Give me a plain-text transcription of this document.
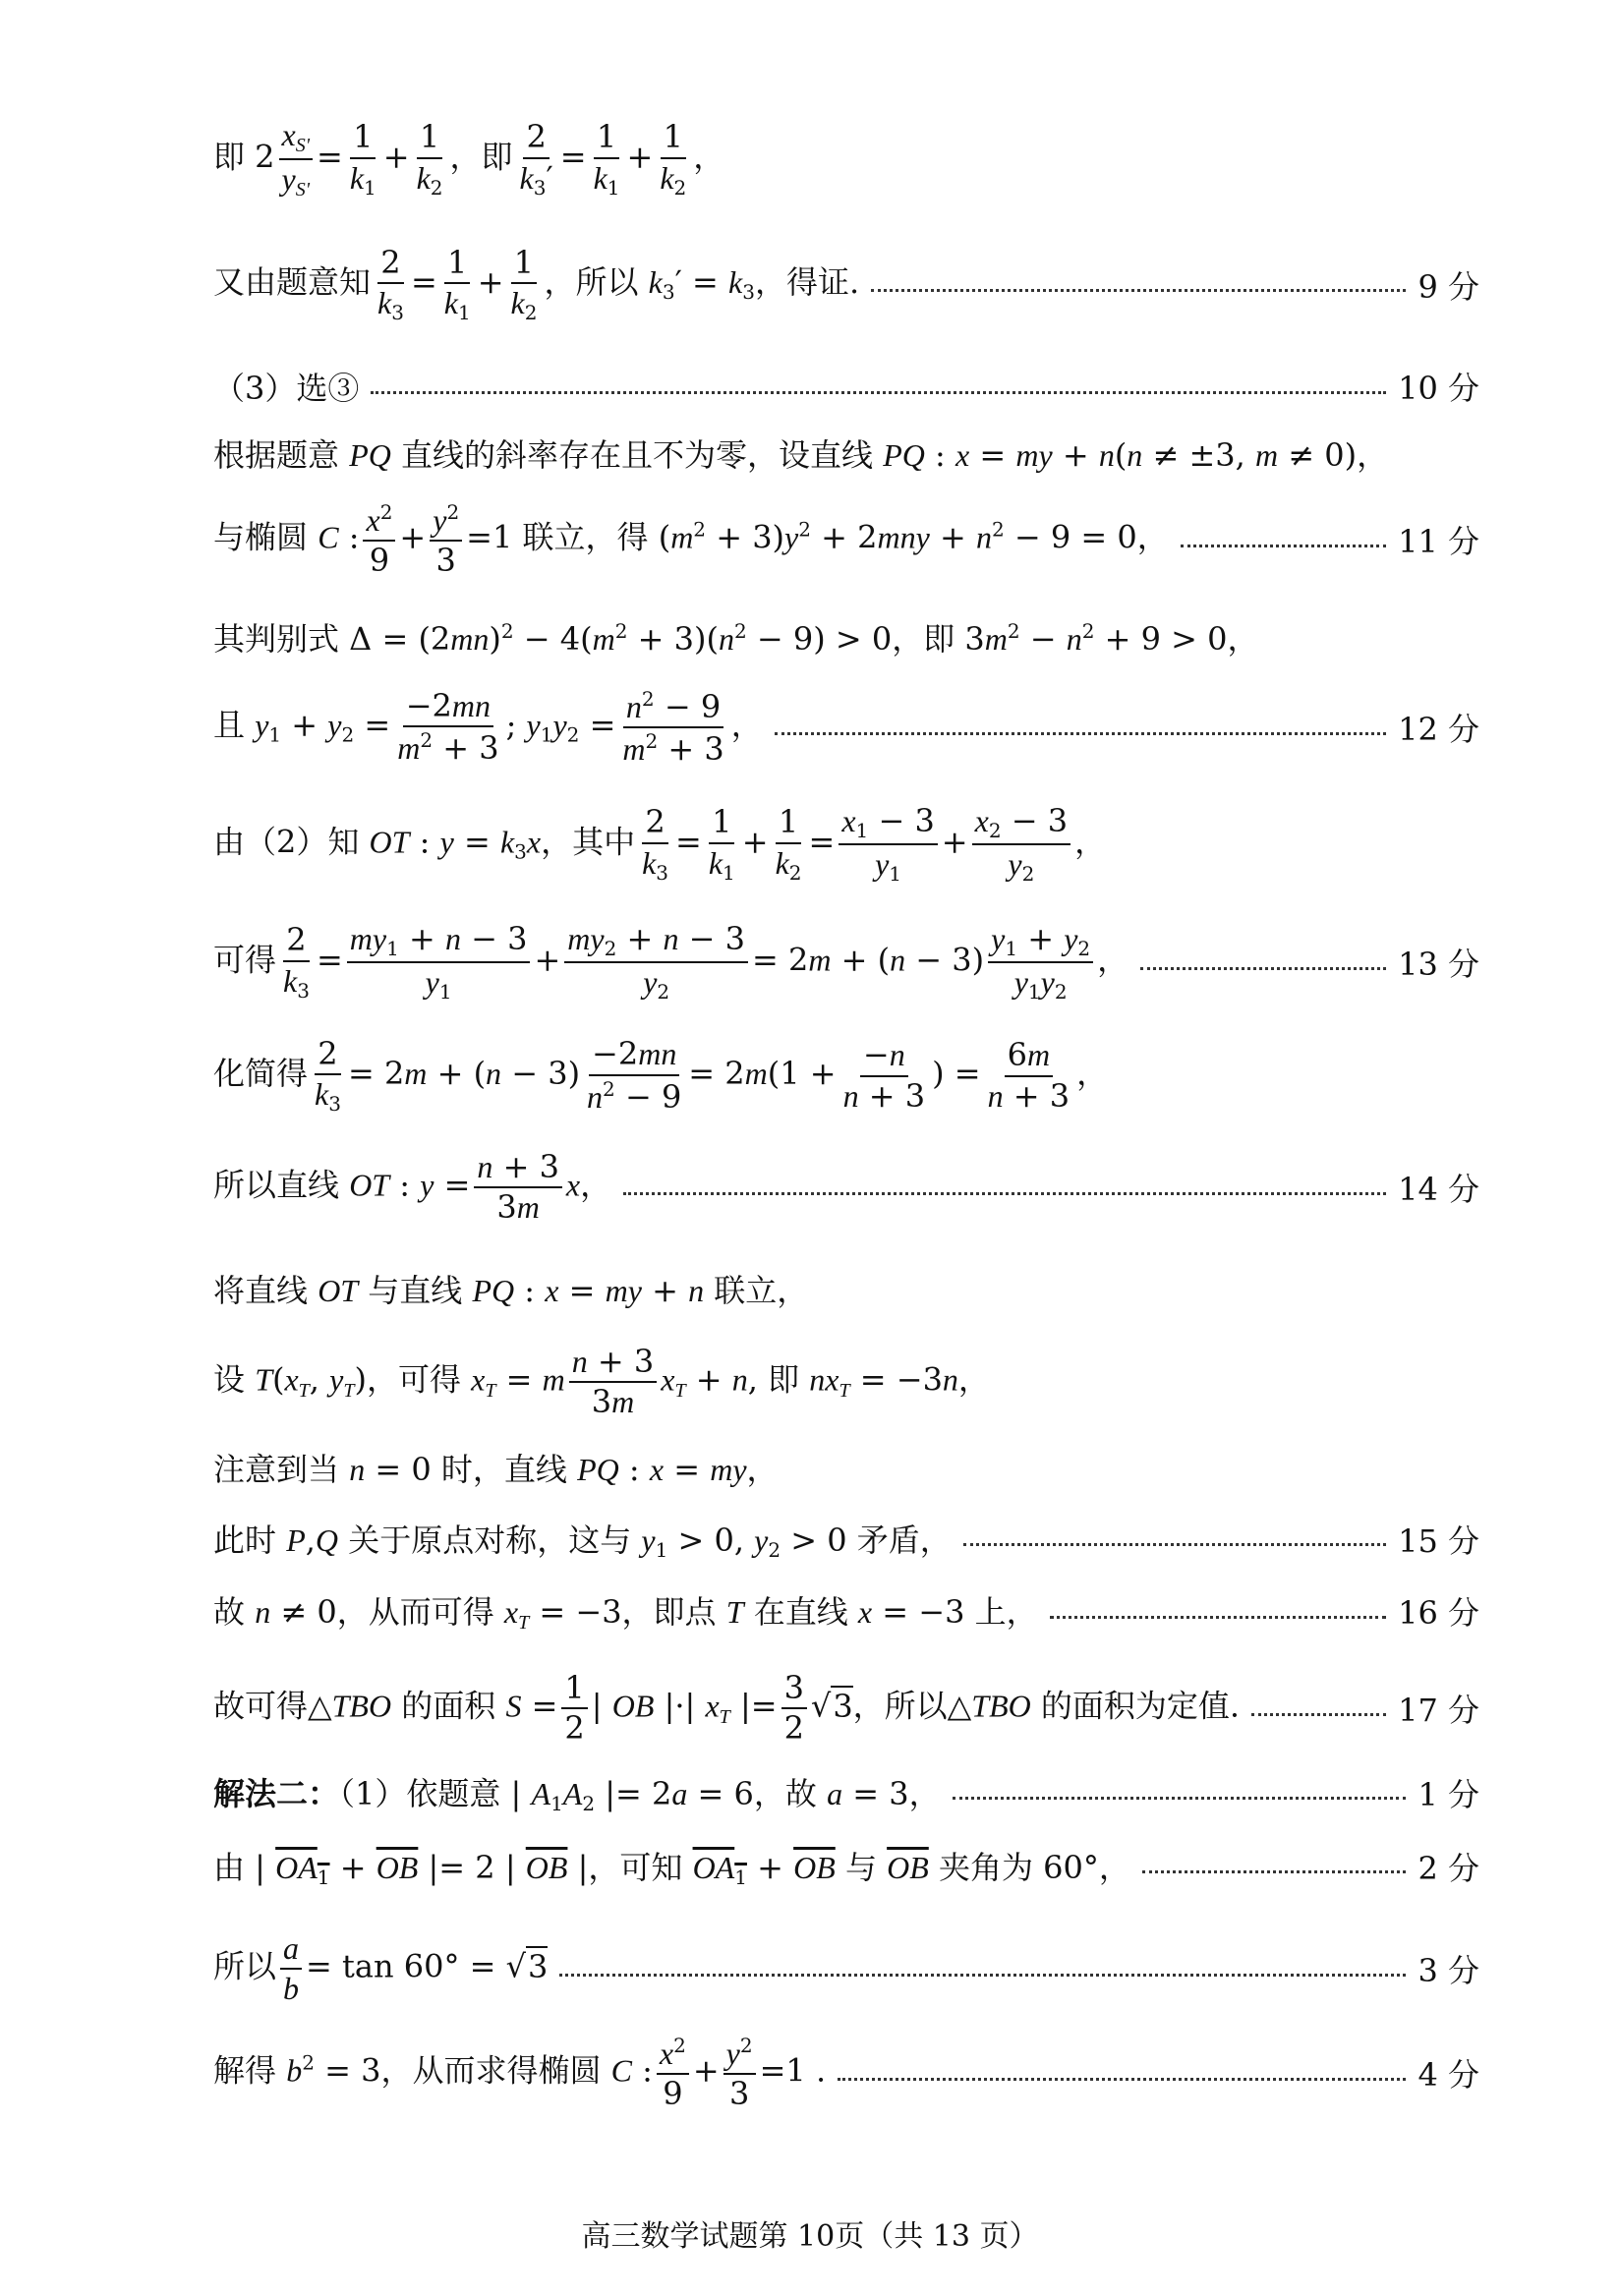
即 $2 \frac{x_{S'}}{y_{S'}} = \frac{1}{k_1} + \frac{1}{k_2}$ ，即 $\frac{2}{k_3'} = \frac{1}{k_1} + \frac{1}{k_2}$ ，
又由题意知 $\frac{2}{k_3} = \frac{1}{k_1} + \frac{1}{k_2}$ ，所以 $k_3' = k_3$，得证.	9 分
（3）选③	10 分
根据题意 PQ 直线的斜率存在且不为零，设直线 PQ : x = my + n(n ≠ ±3, m ≠ 0)，
与椭圆 C : $\frac{x^2}{9} + \frac{y^2}{3} =1$ 联立，得 $(m^2 + 3)y^2 + 2mny + n^2 - 9 = 0$，	11 分
其判别式 $\Delta = (2mn)^2 - 4(m^2 + 3)(n^2 - 9) > 0$，即 $3m^2 - n^2 + 9 > 0$，
且 $y_1 + y_2 = \frac{-2mn}{m^2 + 3}$ ; $y_1y_2 = \frac{n^2 - 9}{m^2 + 3}$ ，	12 分
由（2）知 OT : $y = k_3x$，其中 $\frac{2}{k_3} = \frac{1}{k_1} + \frac{1}{k_2} = \frac{x_1 - 3}{y_1} + \frac{x_2 - 3}{y_2}$ ，
可得 $\frac{2}{k_3} = \frac{my_1 + n - 3}{y_1} + \frac{my_2 + n - 3}{y_2} = 2m + (n - 3) \frac{y_1 + y_2}{y_1y_2}$ ，	13 分
化简得 $\frac{2}{k_3} = 2m + (n - 3) \frac{-2mn}{n^2 - 9} = 2m(1 + \frac{-n}{n + 3}$ ) = $\frac{6m}{n + 3}$ ，
所以直线 OT : $y = \frac{n + 3}{3m}$ x，	14 分
将直线 OT 与直线 PQ : x = my + n 联立，
设 $T(x_T$, $y_T$)，可得 $x_T = m \frac{n + 3}{3m} x_T + n$, 即 $nx_T = -3n$，
注意到当 n = 0 时，直线 PQ : x = my，
此时 P,Q 关于原点对称，这与 $y_1 > 0$, $y_2 > 0$ 矛盾，	15 分
故 n ≠ 0，从而可得 $x_T = -3$，即点 T 在直线 x = −3 上，	16 分
故可得△TBO 的面积 $S = \frac{1}{2}$ | OB |·| $x_T$ |= $\frac{3}{2} √3$，所以△TBO 的面积为定值.	17 分
解法二：（1）依题意 | $A_1A_2$ |= 2a = 6，故 a = 3，	1 分
由 | $OA_1 + \overline{OB}$ |= 2 | $\overline{OB}$ |，可知 $OA_1 + \overline{OB}$ 与 $\overline{OB}$ 夹角为 60°，	2 分
所以 $\frac{a}{b} = \tan 60^\circ = √3$	3 分
解得 $b^2 = 3$，从而求得椭圆 C : $\frac{x^2}{9} + \frac{y^2}{3} =1$ .	4 分
高三数学试题第 10页（共 13 页）
